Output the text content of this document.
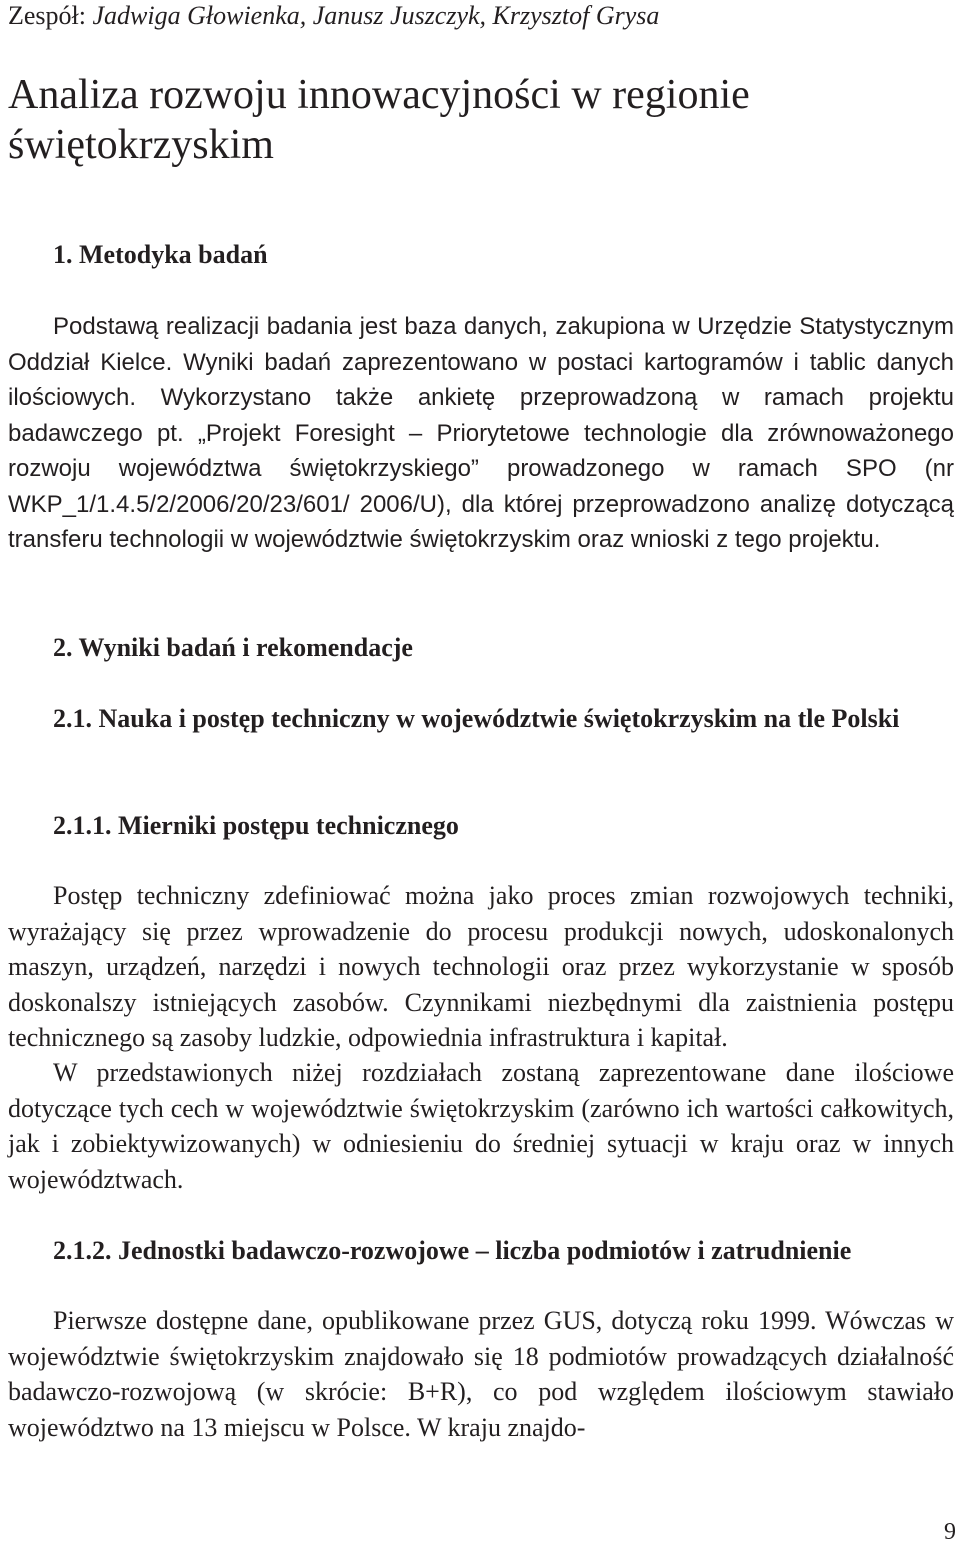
Zespół: Jadwiga Głowienka, Janusz Juszczyk, Krzysztof Grysa
Analiza rozwoju innowacyjności w regionie świętokrzyskim
1. Metodyka badań

Podstawą realizacji badania jest baza danych, zakupiona w Urzędzie Statystycznym Oddział Kielce. Wyniki badań zaprezentowano w postaci kartogramów i tablic danych ilościowych. Wykorzystano także ankietę przeprowadzoną w ramach projektu badawczego pt. „Projekt Foresight – Priorytetowe technologie dla zrównoważonego rozwoju województwa świętokrzyskiego” prowadzonego w ramach SPO (nr WKP_1/1.4.5/2/2006/20/23/601/ 2006/U), dla której przeprowadzono analizę dotyczącą transferu technologii w województwie świętokrzyskim oraz wnioski z tego projektu.

2. Wyniki badań i rekomendacje
2.1. Nauka i postęp techniczny w województwie świętokrzyskim na tle Polski
2.1.1. Mierniki postępu technicznego

Postęp techniczny zdefiniować można jako proces zmian rozwojowych techniki, wyrażający się przez wprowadzenie do procesu produkcji nowych, udoskonalonych maszyn, urządzeń, narzędzi i nowych technologii oraz przez wykorzystanie w sposób doskonalszy istniejących zasobów. Czynnikami niezbędnymi dla zaistnienia postępu technicznego są zasoby ludzkie, odpowiednia infrastruktura i kapitał.

W przedstawionych niżej rozdziałach zostaną zaprezentowane dane ilościowe dotyczące tych cech w województwie świętokrzyskim (zarówno ich wartości całkowitych, jak i zobiektywizowanych) w odniesieniu do średniej sytuacji w kraju oraz w innych województwach.

2.1.2. Jednostki badawczo-rozwojowe – liczba podmiotów i zatrudnienie

Pierwsze dostępne dane, opublikowane przez GUS, dotyczą roku 1999. Wówczas w województwie świętokrzyskim znajdowało się 18 podmiotów prowadzących działalność badawczo-rozwojową (w skrócie: B+R), co pod względem ilościowym stawiało województwo na 13 miejscu w Polsce. W kraju znajdo-

9
